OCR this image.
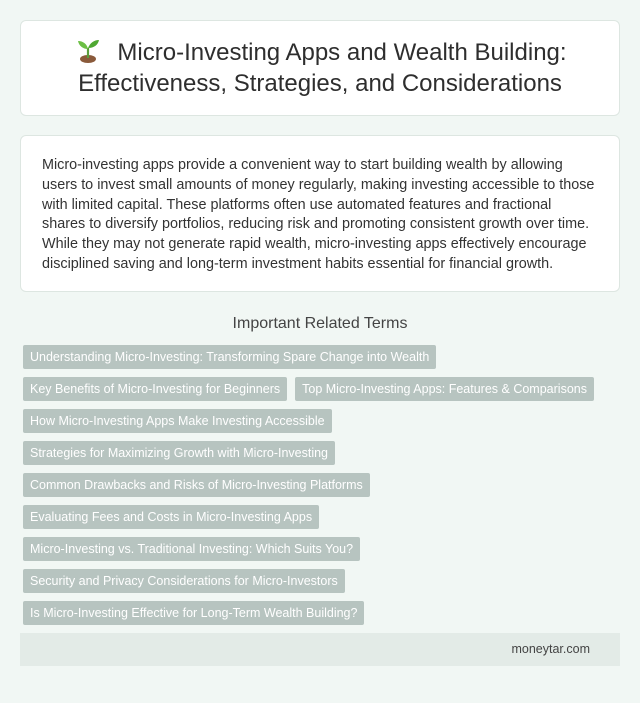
Micro-Investing Apps and Wealth Building: Effectiveness, Strategies, and Considerations

Micro-investing apps provide a convenient way to start building wealth by allowing users to invest small amounts of money regularly, making investing accessible to those with limited capital. These platforms often use automated features and fractional shares to diversify portfolios, reducing risk and promoting consistent growth over time. While they may not generate rapid wealth, micro-investing apps effectively encourage disciplined saving and long-term investment habits essential for financial growth.

Important Related Terms
Understanding Micro-Investing: Transforming Spare Change into Wealth
Key Benefits of Micro-Investing for Beginners	Top Micro-Investing Apps: Features & Comparisons
How Micro-Investing Apps Make Investing Accessible
Strategies for Maximizing Growth with Micro-Investing
Common Drawbacks and Risks of Micro-Investing Platforms
Evaluating Fees and Costs in Micro-Investing Apps
Micro-Investing vs. Traditional Investing: Which Suits You?
Security and Privacy Considerations for Micro-Investors
Is Micro-Investing Effective for Long-Term Wealth Building?
moneytar.com
